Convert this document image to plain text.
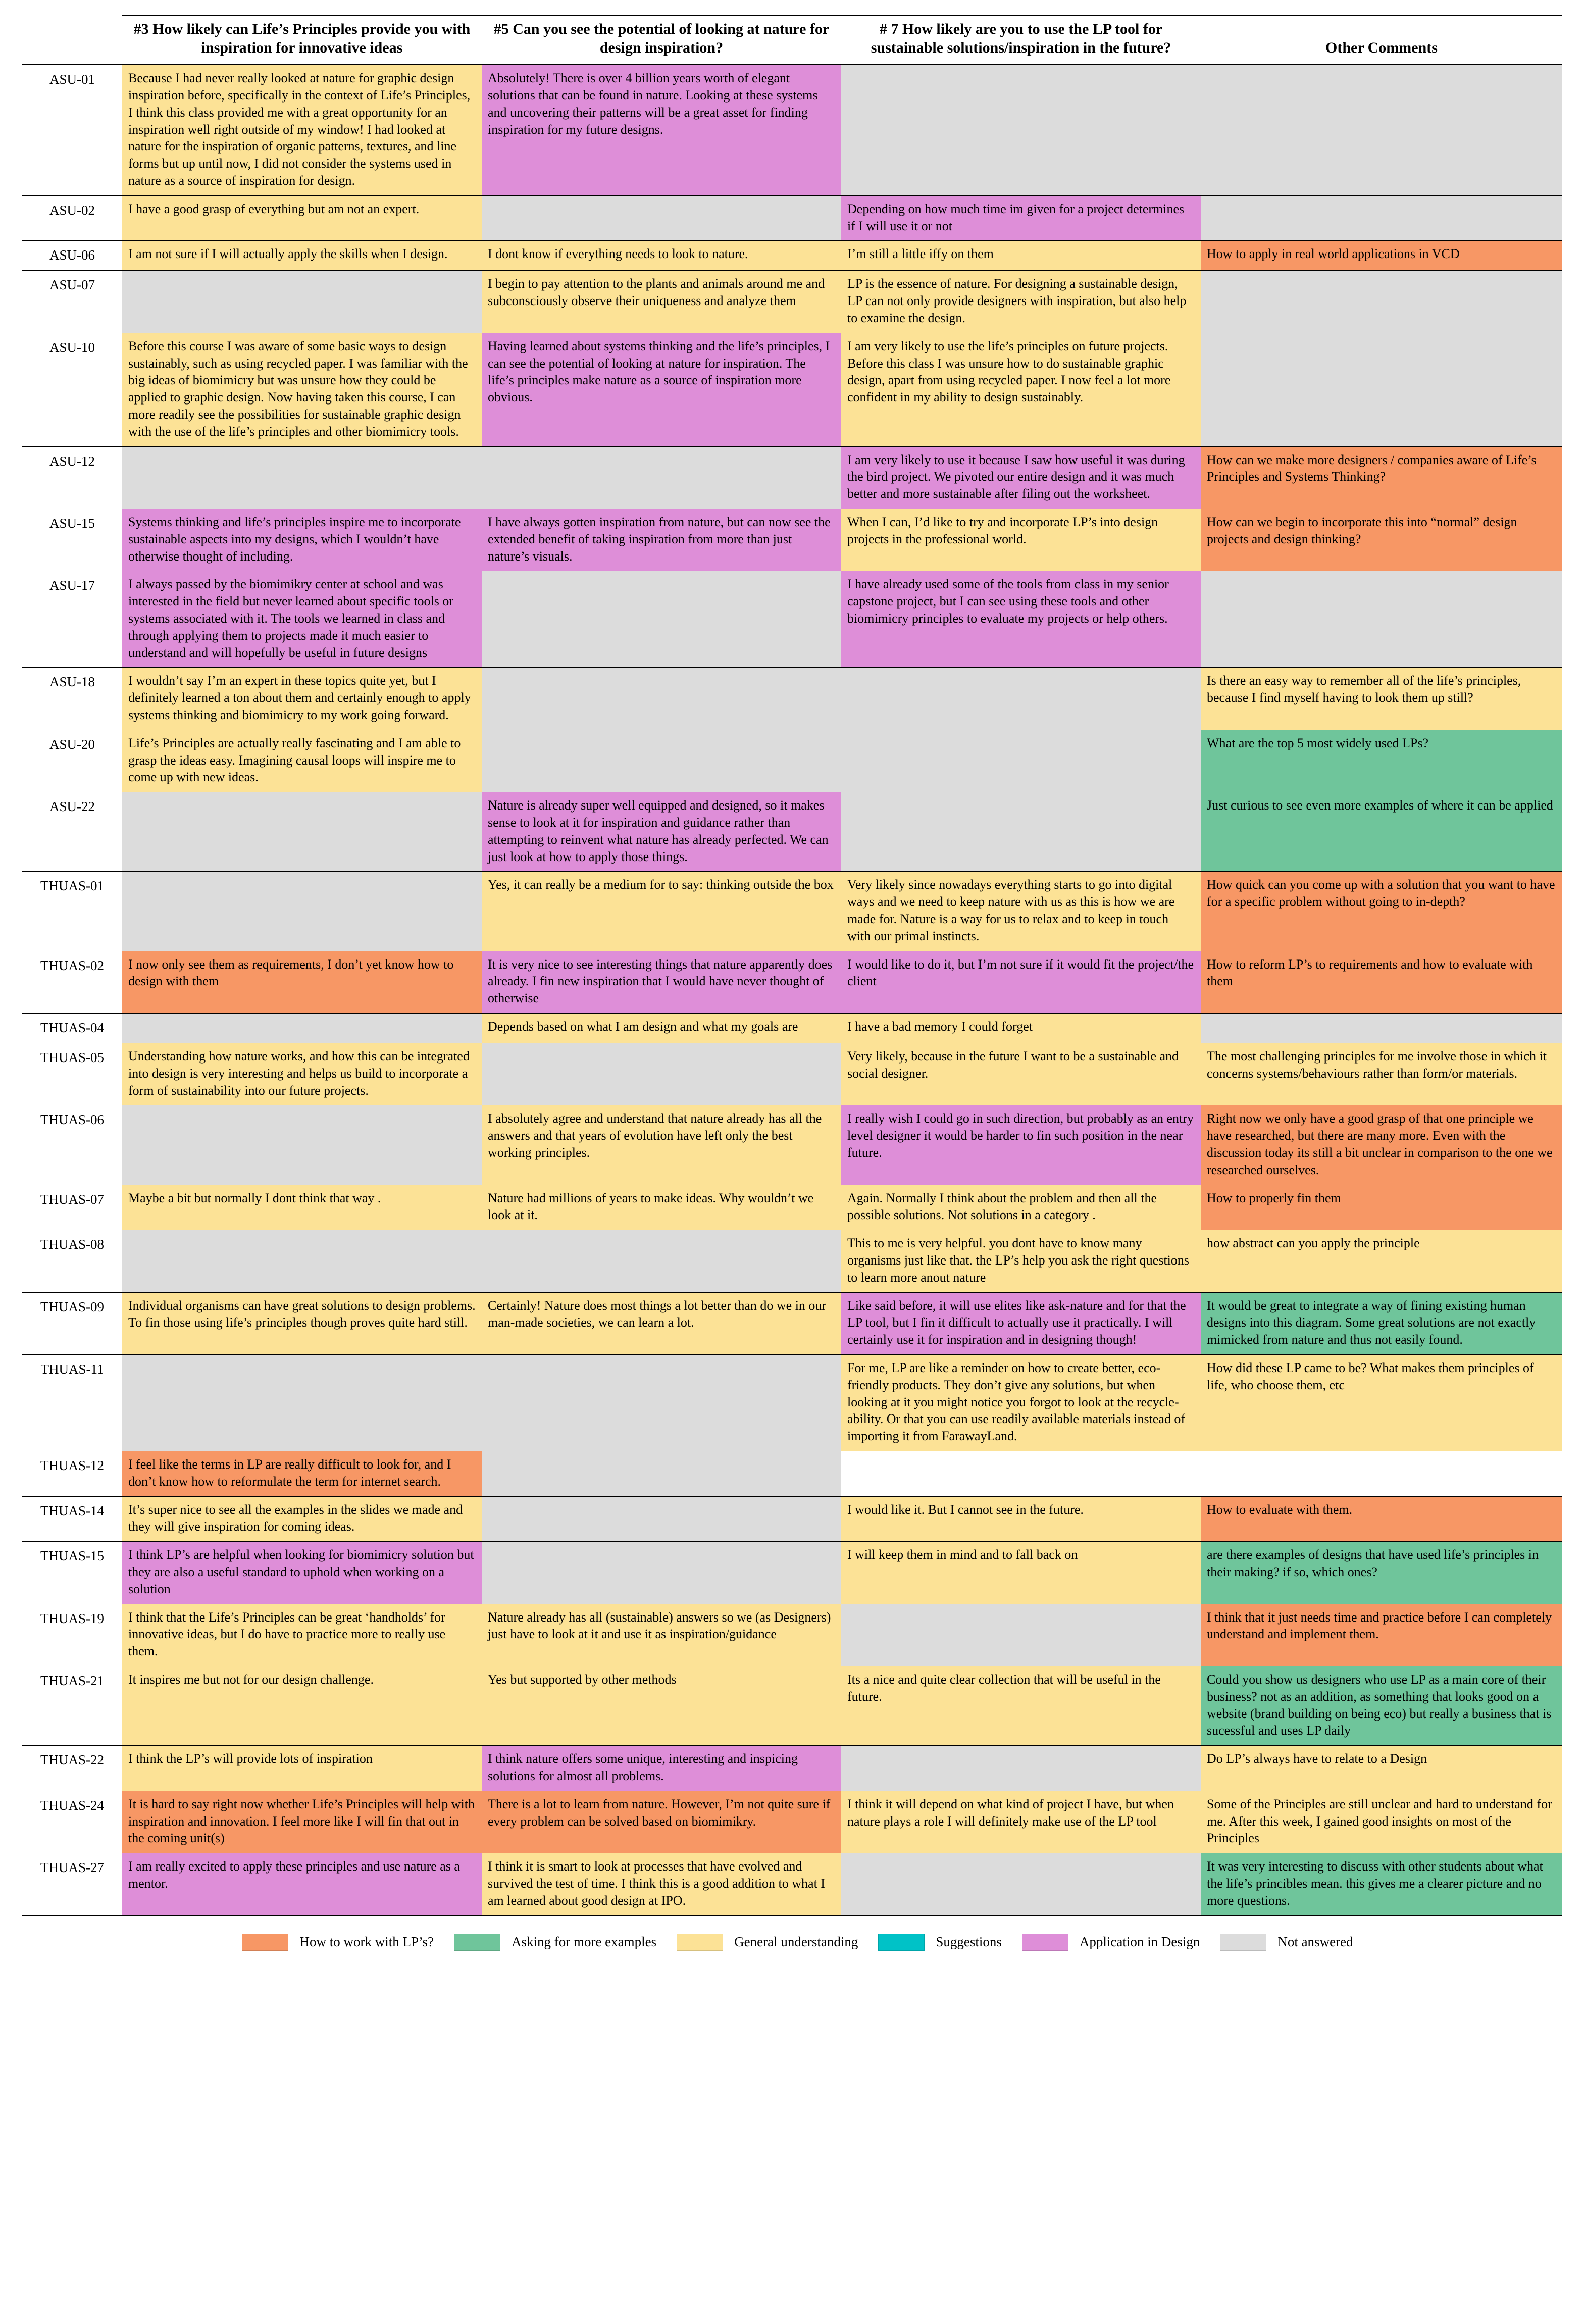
	#3 How likely can Life’s Principles provide you with inspiration for innovative ideas	#5 Can you see the potential of looking at nature for design inspiration?	# 7 How likely are you to use the LP tool for sustainable solutions/inspiration in the future?	Other Comments
ASU-01	Because I had never really looked at nature for graphic design inspiration before, specifically in the context of Life’s Principles, I think this class provided me with a great opportunity for an inspiration well right outside of my window! I had looked at nature for the inspiration of organic patterns, textures, and line forms but up until now, I did not consider the systems used in nature as a source of inspiration for design.	Absolutely! There is over 4 billion years worth of elegant solutions that can be found in nature. Looking at these systems and uncovering their patterns will be a great asset for finding inspiration for my future designs.		
ASU-02	I have a good grasp of everything but am not an expert.		Depending on how much time im given for a project determines if I will use it or not	
ASU-06	I am not sure if I will actually apply the skills when I design.	I dont know if everything needs to look to nature.	I’m still a little iffy on them	How to apply in real world applications in VCD
ASU-07		I begin to pay attention to the plants and animals around me and subconsciously observe their uniqueness and analyze them	LP is the essence of nature. For designing a sustainable design, LP can not only provide designers with inspiration, but also help to examine the design.	
ASU-10	Before this course I was aware of some basic ways to design sustainably, such as using recycled paper. I was familiar with the big ideas of biomimicry but was unsure how they could be applied to graphic design. Now having taken this course, I can more readily see the possibilities for sustainable graphic design with the use of the life’s principles and other biomimicry tools.	Having learned about systems thinking and the life’s principles, I can see the potential of looking at nature for inspiration. The life’s principles make nature as a source of inspiration more obvious.	I am very likely to use the life’s principles on future projects. Before this class I was unsure how to do sustainable graphic design, apart from using recycled paper. I now feel a lot more confident in my ability to design sustainably.	
ASU-12			I am very likely to use it because I saw how useful it was during the bird project. We pivoted our entire design and it was much better and more sustainable after filing out the worksheet.	How can we make more designers / companies aware of Life’s Principles and Systems Thinking?
ASU-15	Systems thinking and life’s principles inspire me to incorporate sustainable aspects into my designs, which I wouldn’t have otherwise thought of including.	I have always gotten inspiration from nature, but can now see the extended benefit of taking inspiration from more than just nature’s visuals.	When I can, I’d like to try and incorporate LP’s into design projects in the professional world.	How can we begin to incorporate this into “normal” design projects and design thinking?
ASU-17	I always passed by the biomimikry center at school and was interested in the field but never learned about specific tools or systems associated with it. The tools we learned in class and through applying them to projects made it much easier to understand and will hopefully be useful in future designs		I have already used some of the tools from class in my senior capstone project, but I can see using these tools and other biomimicry principles to evaluate my projects or help others.	
ASU-18	I wouldn’t say I’m an expert in these topics quite yet, but I definitely learned a ton about them and certainly enough to apply systems thinking and biomimicry to my work going forward.			Is there an easy way to remember all of the life’s principles, because I find myself having to look them up still?
ASU-20	Life’s Principles are actually really fascinating and I am able to grasp the ideas easy. Imagining causal loops will inspire me to come up with new ideas.			What are the top 5 most widely used LPs?
ASU-22		Nature is already super well equipped and designed, so it makes sense to look at it for inspiration and guidance rather than attempting to reinvent what nature has already perfected. We can just look at how to apply those things.		Just curious to see even more examples of where it can be applied
THUAS-01		Yes, it can really be a medium for to say: thinking outside the box	Very likely since nowadays everything starts to go into digital ways and we need to keep nature with us as this is how we are made for. Nature is a way for us to relax and to keep in touch with our primal instincts.	How quick can you come up with a solution that you want to have for a specific problem without going to in-depth?
THUAS-02	I now only see them as requirements, I don’t yet know how to design with them	It is very nice to see interesting things that nature apparently does already. I fin new inspiration that I would have never thought of otherwise	I would like to do it, but I’m not sure if it would fit the project/the client	How to reform LP’s to requirements and how to evaluate with them
THUAS-04		Depends based on what I am design and what my goals are	I have a bad memory I could forget	
THUAS-05	Understanding how nature works, and how this can be integrated into design is very interesting and helps us build to incorporate a form of sustainability into our future projects.		Very likely, because in the future I want to be a sustainable and social designer.	The most challenging principles for me involve those in which it concerns systems/behaviours rather than form/or materials.
THUAS-06		I absolutely agree and understand that nature already has all the answers and that years of evolution have left only the best working principles.	I really wish I could go in such direction, but probably as an entry level designer it would be harder to fin such position in the near future.	Right now we only have a good grasp of that one principle we have researched, but there are many more. Even with the discussion today its still a bit unclear in comparison to the one we researched ourselves.
THUAS-07	Maybe a bit but normally I dont think that way .	Nature had millions of years to make ideas. Why wouldn’t we look at it.	Again. Normally I think about the problem and then all the possible solutions. Not solutions in a category .	How to properly fin them
THUAS-08			This to me is very helpful. you dont have to know many organisms just like that. the LP’s help you ask the right questions to learn more anout nature	how abstract can you apply the principle
THUAS-09	Individual organisms can have great solutions to design problems. To fin those using life’s principles though proves quite hard still.	Certainly! Nature does most things a lot better than do we in our man-made societies, we can learn a lot.	Like said before, it will use elites like ask-nature and for that the LP tool, but I fin it difficult to actually use it practically. I will certainly use it for inspiration and in designing though!	It would be great to integrate a way of fining existing human designs into this diagram. Some great solutions are not exactly mimicked from nature and thus not easily found.
THUAS-11			For me, LP are like a reminder on how to create better, eco-friendly products. They don’t give any solutions, but when looking at it you might notice you forgot to look at the recycle-ability. Or that you can use readily available materials instead of importing it from FarawayLand.	How did these LP came to be? What makes them principles of life, who choose them, etc
THUAS-12	I feel like the terms in LP are really difficult to look for, and I don’t know how to reformulate the term for internet search.			
THUAS-14	It’s super nice to see all the examples in the slides we made and they will give inspiration for coming ideas.		I would like it. But I cannot see in the future.	How to evaluate with them.
THUAS-15	I think LP’s are helpful when looking for biomimicry solution but they are also a useful standard to uphold when working on a solution		I will keep them in mind and to fall back on	are there examples of designs that have used life’s principles in their making? if so, which ones?
THUAS-19	I think that the Life’s Principles can be great ‘handholds’ for innovative ideas, but I do have to practice more to really use them.	Nature already has all (sustainable) answers so we (as Designers) just have to look at it and use it as inspiration/guidance		I think that it just needs time and practice before I can completely understand and implement them.
THUAS-21	It inspires me but not for our design challenge.	Yes but supported by other methods	Its a nice and quite clear collection that will be useful in the future.	Could you show us designers who use LP as a main core of their business? not as an addition, as something that looks good on a website (brand building on being eco) but really a business that is sucessful and uses LP daily
THUAS-22	I think the LP’s will provide lots of inspiration	I think nature offers some unique, interesting and inspicing solutions for almost all problems.		Do LP’s always have to relate to a Design
THUAS-24	It is hard to say right now whether Life’s Principles will help with inspiration and innovation. I feel more like I will fin that out in the coming unit(s)	There is a lot to learn from nature. However, I’m not quite sure if every problem can be solved based on biomimikry.	I think it will depend on what kind of project I have, but when nature plays a role I will definitely make use of the LP tool	Some of the Principles are still unclear and hard to understand for me. After this week, I gained good insights on most of the Principles
THUAS-27	I am really excited to apply these principles and use nature as a mentor.	I think it is smart to look at processes that have evolved and survived the test of time. I think this is a good addition to what I am learned about good design at IPO.		It was very interesting to discuss with other students about what the life’s princibles mean. this gives me a clearer picture and no more questions.
How to work with LP’s?	Asking for more examples	General understanding	Suggestions	Application in Design	Not answered
